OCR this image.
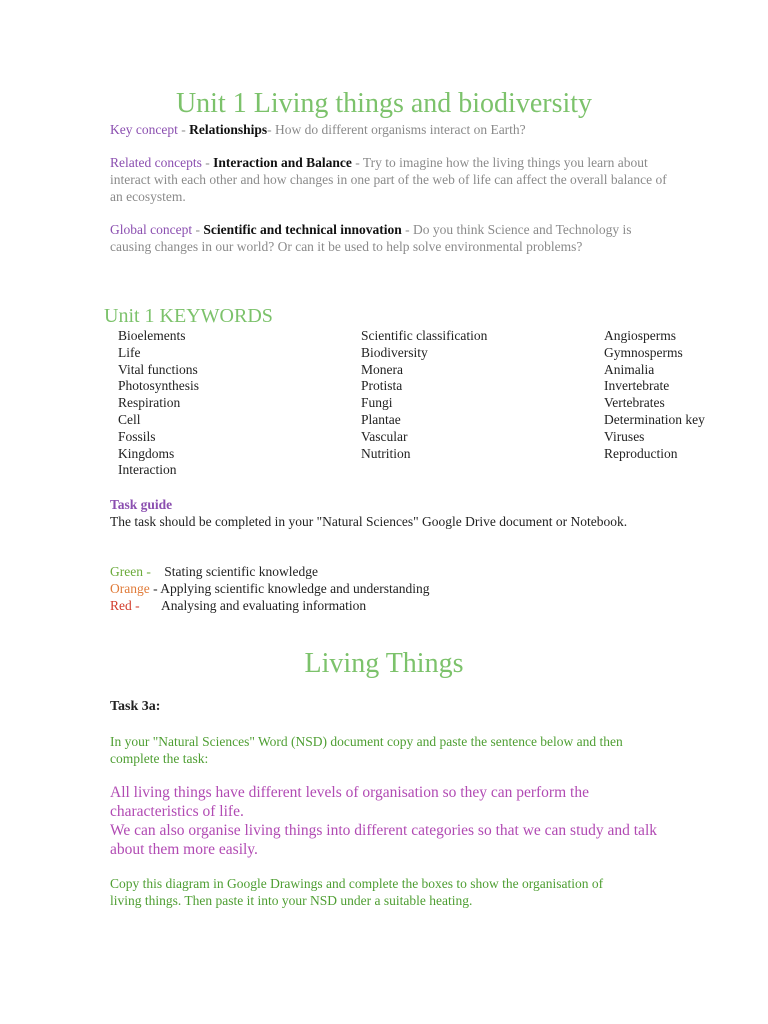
Unit 1 Living things and biodiversity
Key concept - Relationships- How do different organisms interact on Earth?
Related concepts - Interaction and Balance - Try to imagine how the living things you learn about interact with each other and how changes in one part of the web of life can affect the overall balance of an ecosystem.
Global concept - Scientific and technical innovation - Do you think Science and Technology is causing changes in our world? Or can it be used to help solve environmental problems?
Unit 1 KEYWORDS
Bioelements
Life
Vital functions
Photosynthesis
Respiration
Cell
Fossils
Kingdoms
Interaction
Scientific classification
Biodiversity
Monera
Protista
Fungi
Plantae
Vascular
Nutrition
Angiosperms
Gymnosperms
Animalia
Invertebrate
Vertebrates
Determination key
Viruses
Reproduction
Task guide
The task should be completed in your "Natural Sciences" Google Drive document or Notebook.
Green - Stating scientific knowledge
Orange - Applying scientific knowledge and understanding
Red - Analysing and evaluating information
Living Things
Task 3a:
In your "Natural Sciences" Word (NSD) document copy and paste the sentence below and then complete the task:
All living things have different levels of organisation so they can perform the characteristics of life.
We can also organise living things into different categories so that we can study and talk about them more easily.
Copy this diagram in Google Drawings and complete the boxes to show the organisation of living things. Then paste it into your NSD under a suitable heating.
